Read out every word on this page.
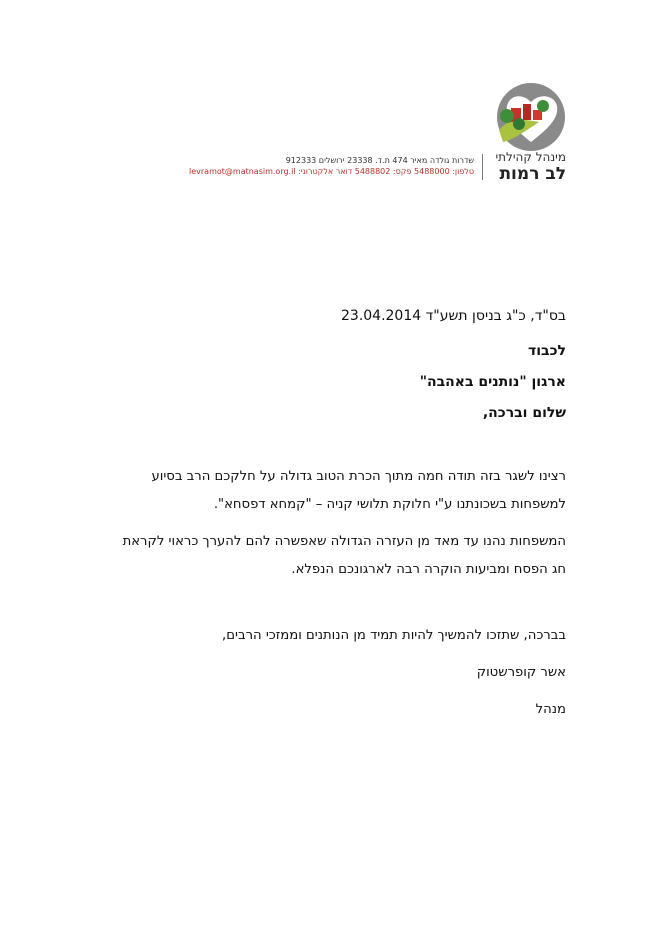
מינהל קהילתי
לב רמות
שדרות גולדה מאיר 474 ת.ד. 23338 ירושלים 912333
טלפון: 5488000 פקס: 5488802 דואר אלקטרוני: levramot@matnasim.org.il
בס"ד, כ"ג בניסן תשע"ד 23.04.2014
לכבוד
ארגון "נותנים באהבה"
שלום וברכה,
רצינו לשגר בזה תודה חמה מתוך הכרת הטוב גדולה על חלקכם הרב בסיוע
למשפחות בשכונתנו ע"י חלוקת תלושי קניה – "קמחא דפסחא".
המשפחות נהנו עד מאד מן העזרה הגדולה שאפשרה להם להערך כראוי לקראת
חג הפסח ומביעות הוקרה רבה לארגונכם הנפלא.
בברכה, שתזכו להמשיך להיות תמיד מן הנותנים וממזכי הרבים,
אשר קופרשטוק
מנהל
